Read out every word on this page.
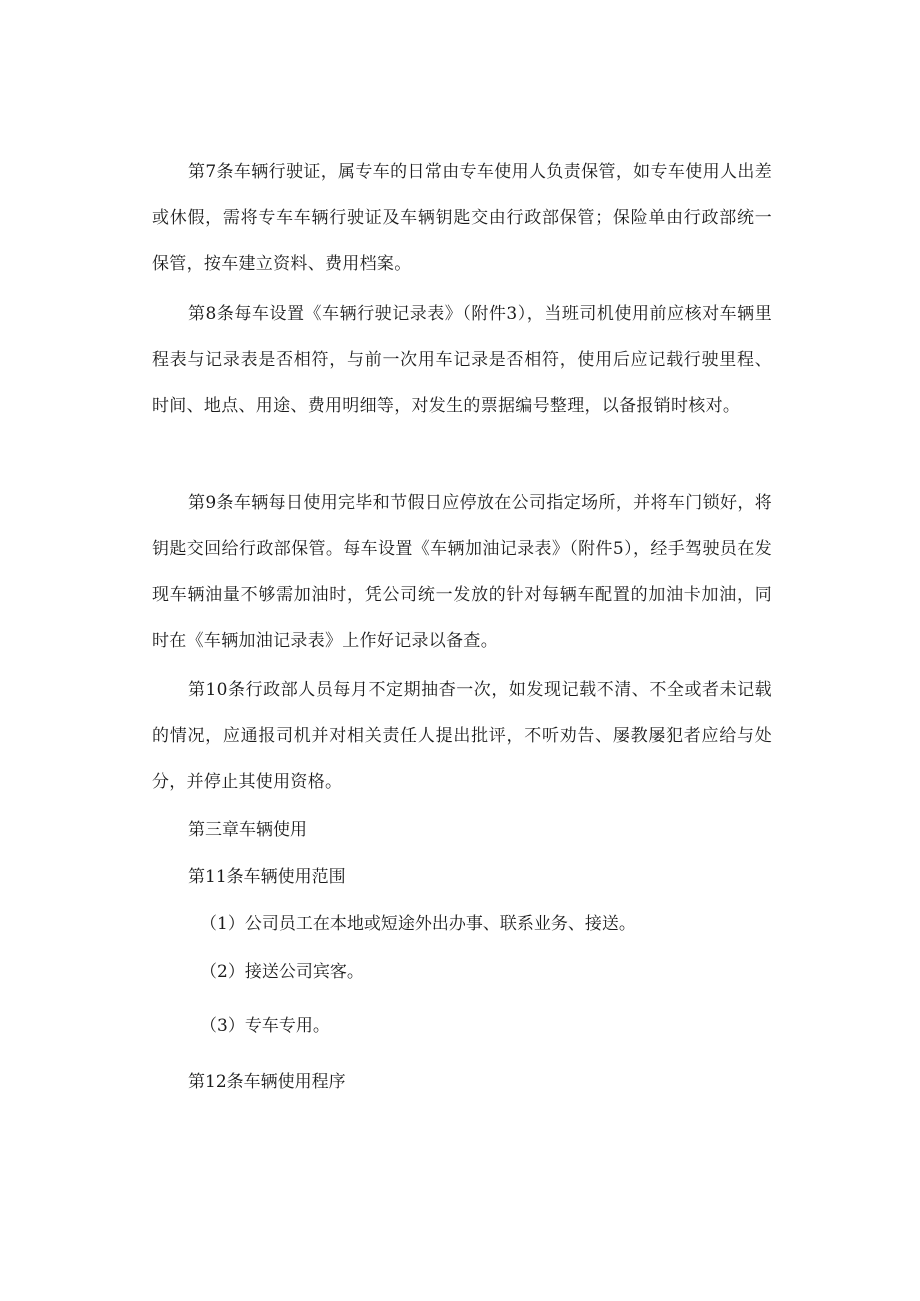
第7条车辆行驶证，属专车的日常由专车使用人负责保管，如专车使用人出差或休假，需将专车车辆行驶证及车辆钥匙交由行政部保管；保险单由行政部统一保管，按车建立资料、费用档案。

第8条每车设置《车辆行驶记录表》（附件3），当班司机使用前应核对车辆里程表与记录表是否相符，与前一次用车记录是否相符，使用后应记载行驶里程、时间、地点、用途、费用明细等，对发生的票据编号整理，以备报销时核对。

第9条车辆每日使用完毕和节假日应停放在公司指定场所，并将车门锁好，将钥匙交回给行政部保管。每车设置《车辆加油记录表》（附件5），经手驾驶员在发现车辆油量不够需加油时，凭公司统一发放的针对每辆车配置的加油卡加油，同时在《车辆加油记录表》上作好记录以备查。

第10条行政部人员每月不定期抽杳一次，如发现记载不清、不全或者未记载的情况，应通报司机并对相关责任人提出批评，不听劝告、屡教屡犯者应给与处分，并停止其使用资格。

第三章车辆使用

第11条车辆使用范围

（1）公司员工在本地或短途外出办事、联系业务、接送。

（2）接送公司宾客。

（3）专车专用。

第12条车辆使用程序
